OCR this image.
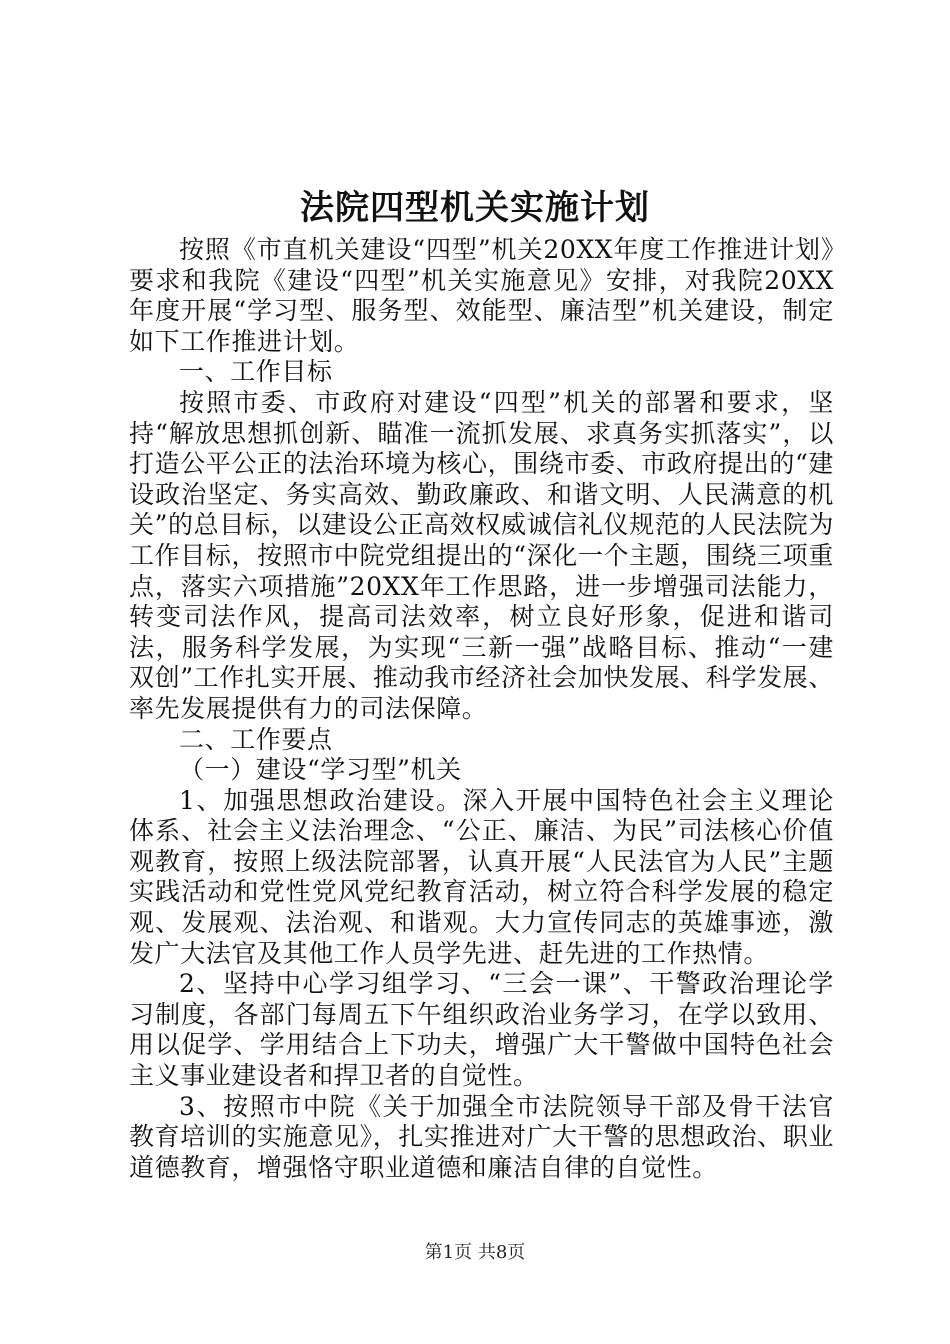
法院四型机关实施计划

按照《市直机关建设“四型”机关20XX年度工作推进计划》要求和我院《建设“四型”机关实施意见》安排，对我院20XX年度开展“学习型、服务型、效能型、廉洁型”机关建设，制定如下工作推进计划。

一、工作目标

按照市委、市政府对建设“四型”机关的部署和要求，坚持“解放思想抓创新、瞄准一流抓发展、求真务实抓落实”，以打造公平公正的法治环境为核心，围绕市委、市政府提出的“建设政治坚定、务实高效、勤政廉政、和谐文明、人民满意的机关”的总目标，以建设公正高效权威诚信礼仪规范的人民法院为工作目标，按照市中院党组提出的“深化一个主题，围绕三项重点，落实六项措施”20XX年工作思路，进一步增强司法能力，转变司法作风，提高司法效率，树立良好形象，促进和谐司法，服务科学发展，为实现“三新一强”战略目标、推动“一建双创”工作扎实开展、推动我市经济社会加快发展、科学发展、率先发展提供有力的司法保障。

二、工作要点

（一）建设“学习型”机关

1、加强思想政治建设。深入开展中国特色社会主义理论体系、社会主义法治理念、“公正、廉洁、为民”司法核心价值观教育，按照上级法院部署，认真开展“人民法官为人民”主题实践活动和党性党风党纪教育活动，树立符合科学发展的稳定观、发展观、法治观、和谐观。大力宣传同志的英雄事迹，激发广大法官及其他工作人员学先进、赶先进的工作热情。

2、坚持中心学习组学习、“三会一课”、干警政治理论学习制度，各部门每周五下午组织政治业务学习，在学以致用、用以促学、学用结合上下功夫，增强广大干警做中国特色社会主义事业建设者和捍卫者的自觉性。

3、按照市中院《关于加强全市法院领导干部及骨干法官教育培训的实施意见》，扎实推进对广大干警的思想政治、职业道德教育，增强恪守职业道德和廉洁自律的自觉性。

第1页 共8页
